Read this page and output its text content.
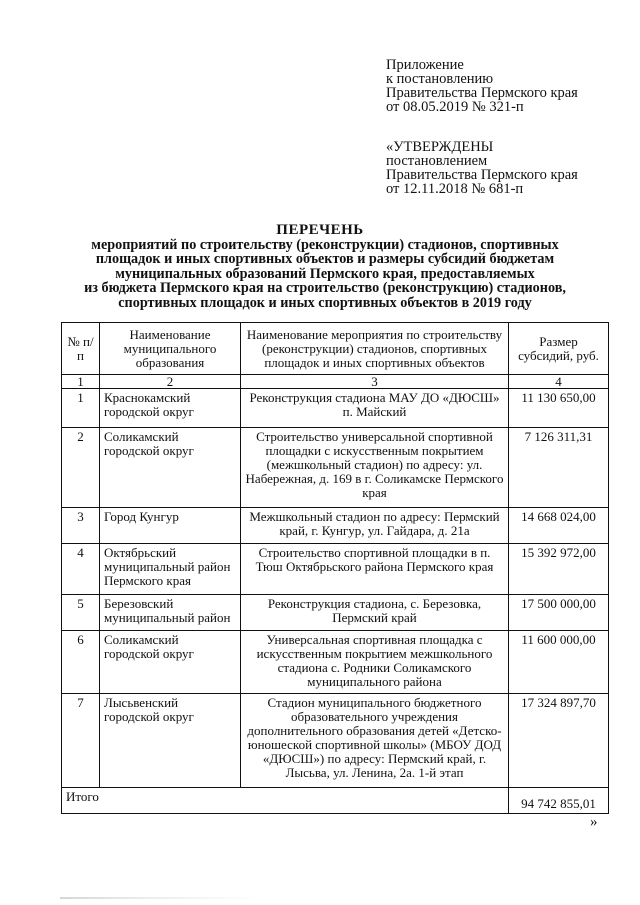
Приложение
к постановлению
Правительства Пермского края
от 08.05.2019 № 321-п
«УТВЕРЖДЕНЫ
постановлением
Правительства Пермского края
от 12.11.2018 № 681-п
ПЕРЕЧЕНЬ
мероприятий по строительству (реконструкции) стадионов, спортивных
площадок и иных спортивных объектов и размеры субсидий бюджетам
муниципальных образований Пермского края, предоставляемых
из бюджета Пермского края на строительство (реконструкцию) стадионов,
спортивных площадок и иных спортивных объектов в 2019 году
№ п/п	Наименование муниципального образования	Наименование мероприятия по строительству (реконструкции) стадионов, спортивных площадок и иных спортивных объектов	Размер субсидий, руб.
1	2	3	4
1	Краснокамский городской округ	Реконструкция стадиона МАУ ДО «ДЮСШ» п. Майский	11 130 650,00
2	Соликамский городской округ	Строительство универсальной спортивной площадки с искусственным покрытием (межшкольный стадион) по адресу: ул. Набережная, д. 169 в г. Соликамске Пермского края	7 126 311,31
3	Город Кунгур	Межшкольный стадион по адресу: Пермский край, г. Кунгур, ул. Гайдара, д. 21а	14 668 024,00
4	Октябрьский муниципальный район Пермского края	Строительство спортивной площадки в п. Тюш Октябрьского района Пермского края	15 392 972,00
5	Березовский муниципальный район	Реконструкция стадиона, с. Березовка, Пермский край	17 500 000,00
6	Соликамский городской округ	Универсальная спортивная площадка с искусственным покрытием межшкольного стадиона с. Родники Соликамского муниципального района	11 600 000,00
7	Лысьвенский городской округ	Стадион муниципального бюджетного образовательного учреждения дополнительного образования детей «Детско-юношеской спортивной школы» (МБОУ ДОД «ДЮСШ») по адресу: Пермский край, г. Лысьва, ул. Ленина, 2а. 1-й этап	17 324 897,70
Итого			94 742 855,01
»
